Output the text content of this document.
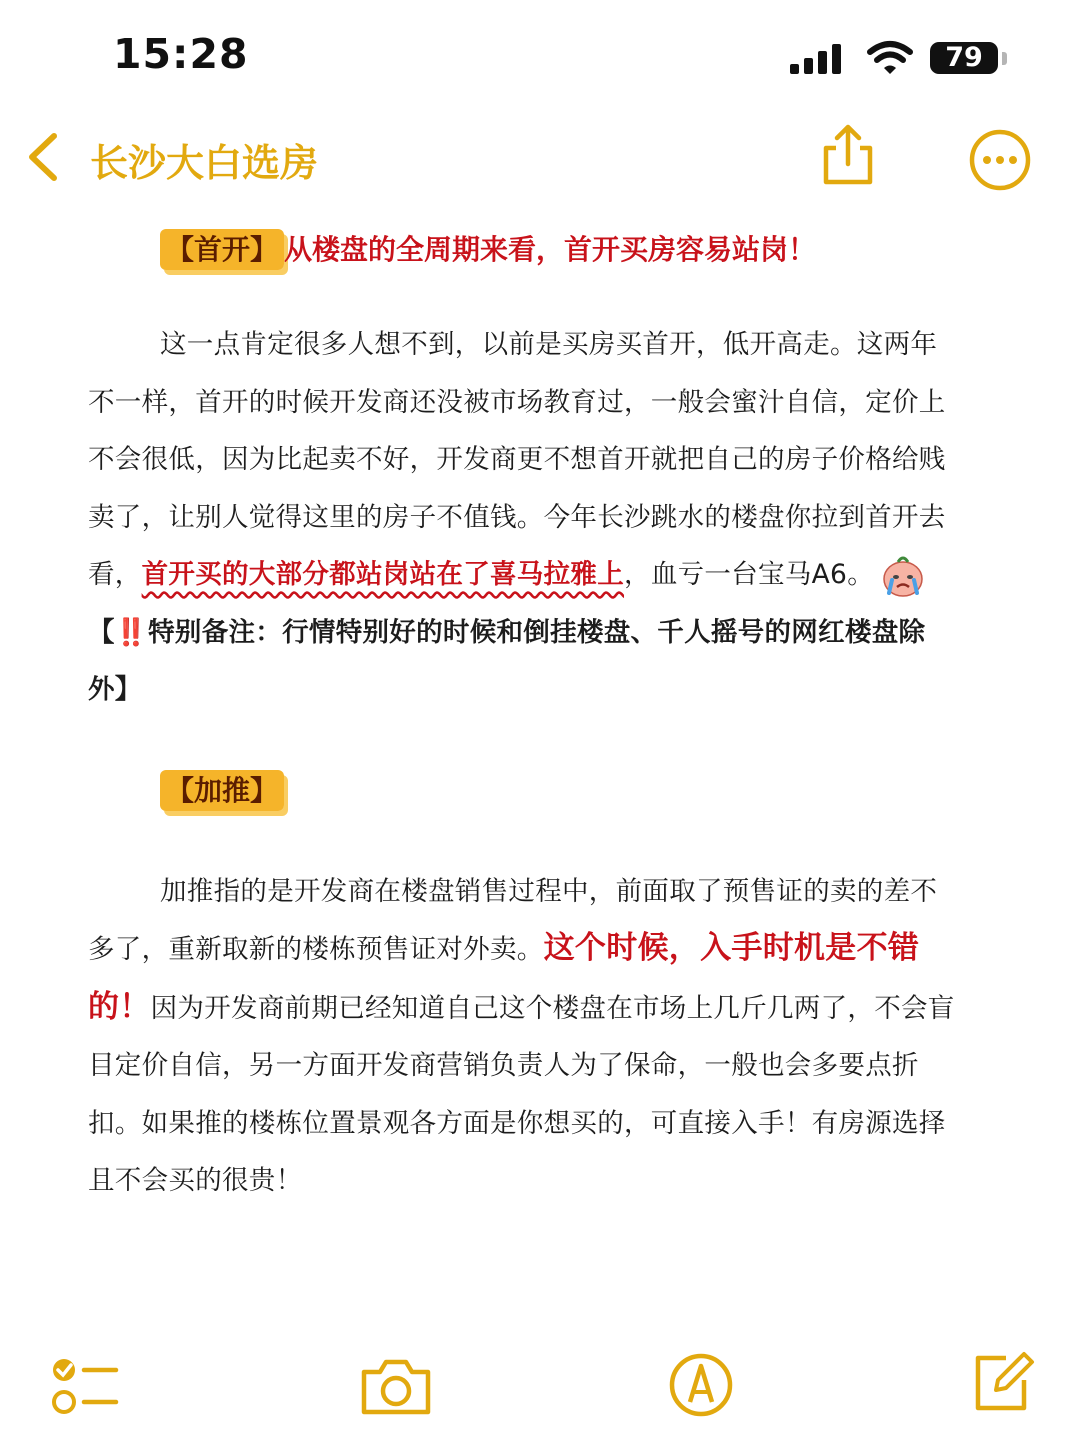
15:28	79
长沙大白选房

【首开】 从楼盘的全周期来看，首开买房容易站岗！

这一点肯定很多人想不到，以前是买房买首开，低开高走。这两年不一样，首开的时候开发商还没被市场教育过，一般会蜜汁自信，定价上不会很低，因为比起卖不好，开发商更不想首开就把自己的房子价格给贱卖了，让别人觉得这里的房子不值钱。今年长沙跳水的楼盘你拉到首开去看，首开买的大部分都站岗站在了喜马拉雅上，血亏一台宝马A6。【‼️特别备注：行情特别好的时候和倒挂楼盘、千人摇号的网红楼盘除外】

【加推】

加推指的是开发商在楼盘销售过程中，前面取了预售证的卖的差不多了，重新取新的楼栋预售证对外卖。这个时候，入手时机是不错的！因为开发商前期已经知道自己这个楼盘在市场上几斤几两了，不会盲目定价自信，另一方面开发商营销负责人为了保命，一般也会多要点折扣。如果推的楼栋位置景观各方面是你想买的，可直接入手！有房源选择且不会买的很贵！
